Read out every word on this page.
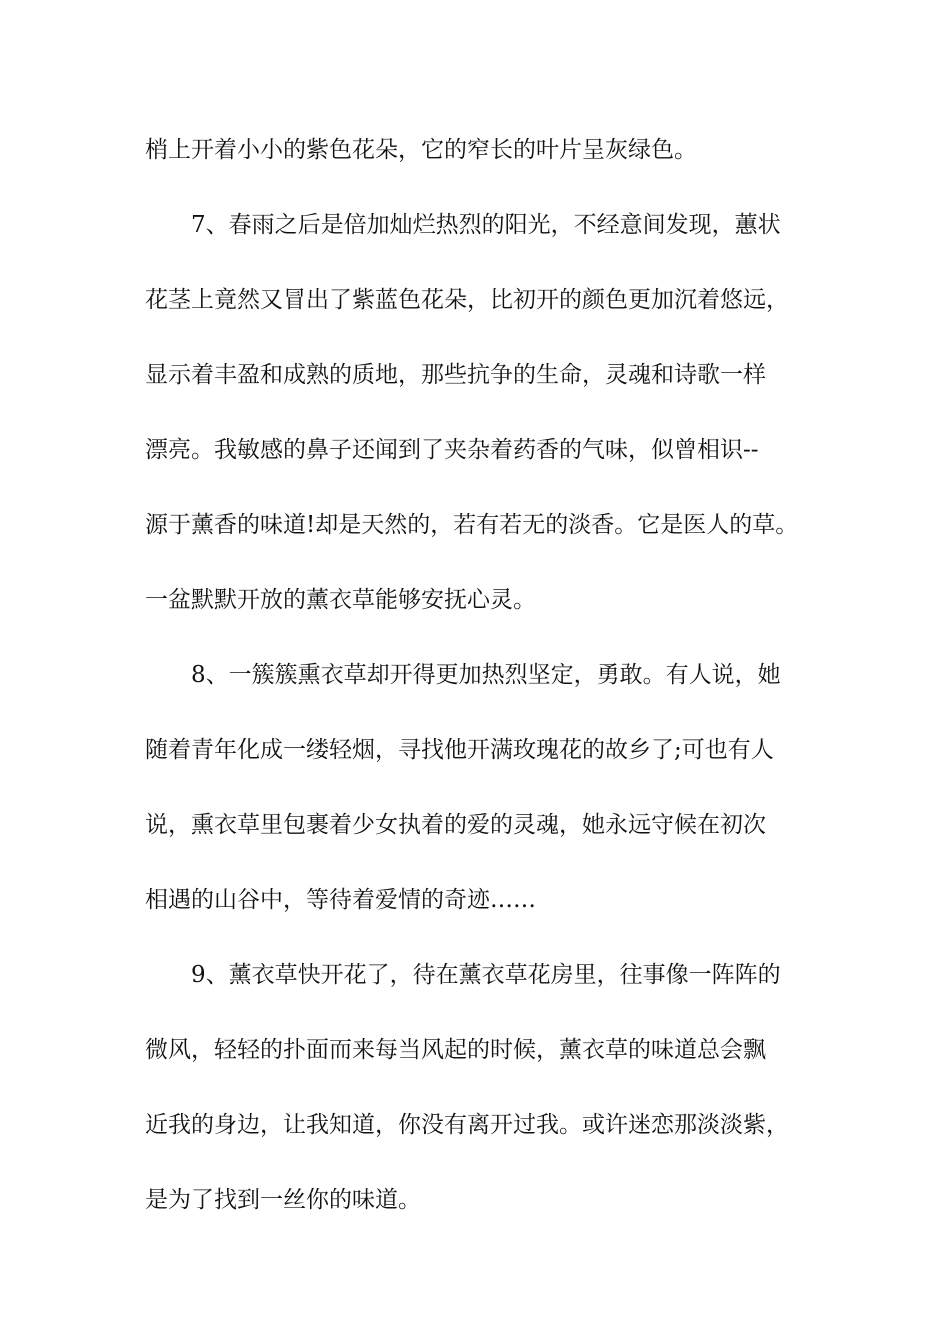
梢上开着小小的紫色花朵，它的窄长的叶片呈灰绿色。
7、春雨之后是倍加灿烂热烈的阳光，不经意间发现，蕙状
花茎上竟然又冒出了紫蓝色花朵，比初开的颜色更加沉着悠远，
显示着丰盈和成熟的质地，那些抗争的生命，灵魂和诗歌一样
漂亮。我敏感的鼻子还闻到了夹杂着药香的气味，似曾相识--
源于薰香的味道!却是天然的，若有若无的淡香。它是医人的草。
一盆默默开放的薰衣草能够安抚心灵。
8、一簇簇熏衣草却开得更加热烈坚定，勇敢。有人说，她
随着青年化成一缕轻烟，寻找他开满玫瑰花的故乡了;可也有人
说，熏衣草里包裹着少女执着的爱的灵魂，她永远守候在初次
相遇的山谷中，等待着爱情的奇迹……
9、薰衣草快开花了，待在薰衣草花房里，往事像一阵阵的
微风，轻轻的扑面而来每当风起的时候，薰衣草的味道总会飘
近我的身边，让我知道，你没有离开过我。或许迷恋那淡淡紫，
是为了找到一丝你的味道。
